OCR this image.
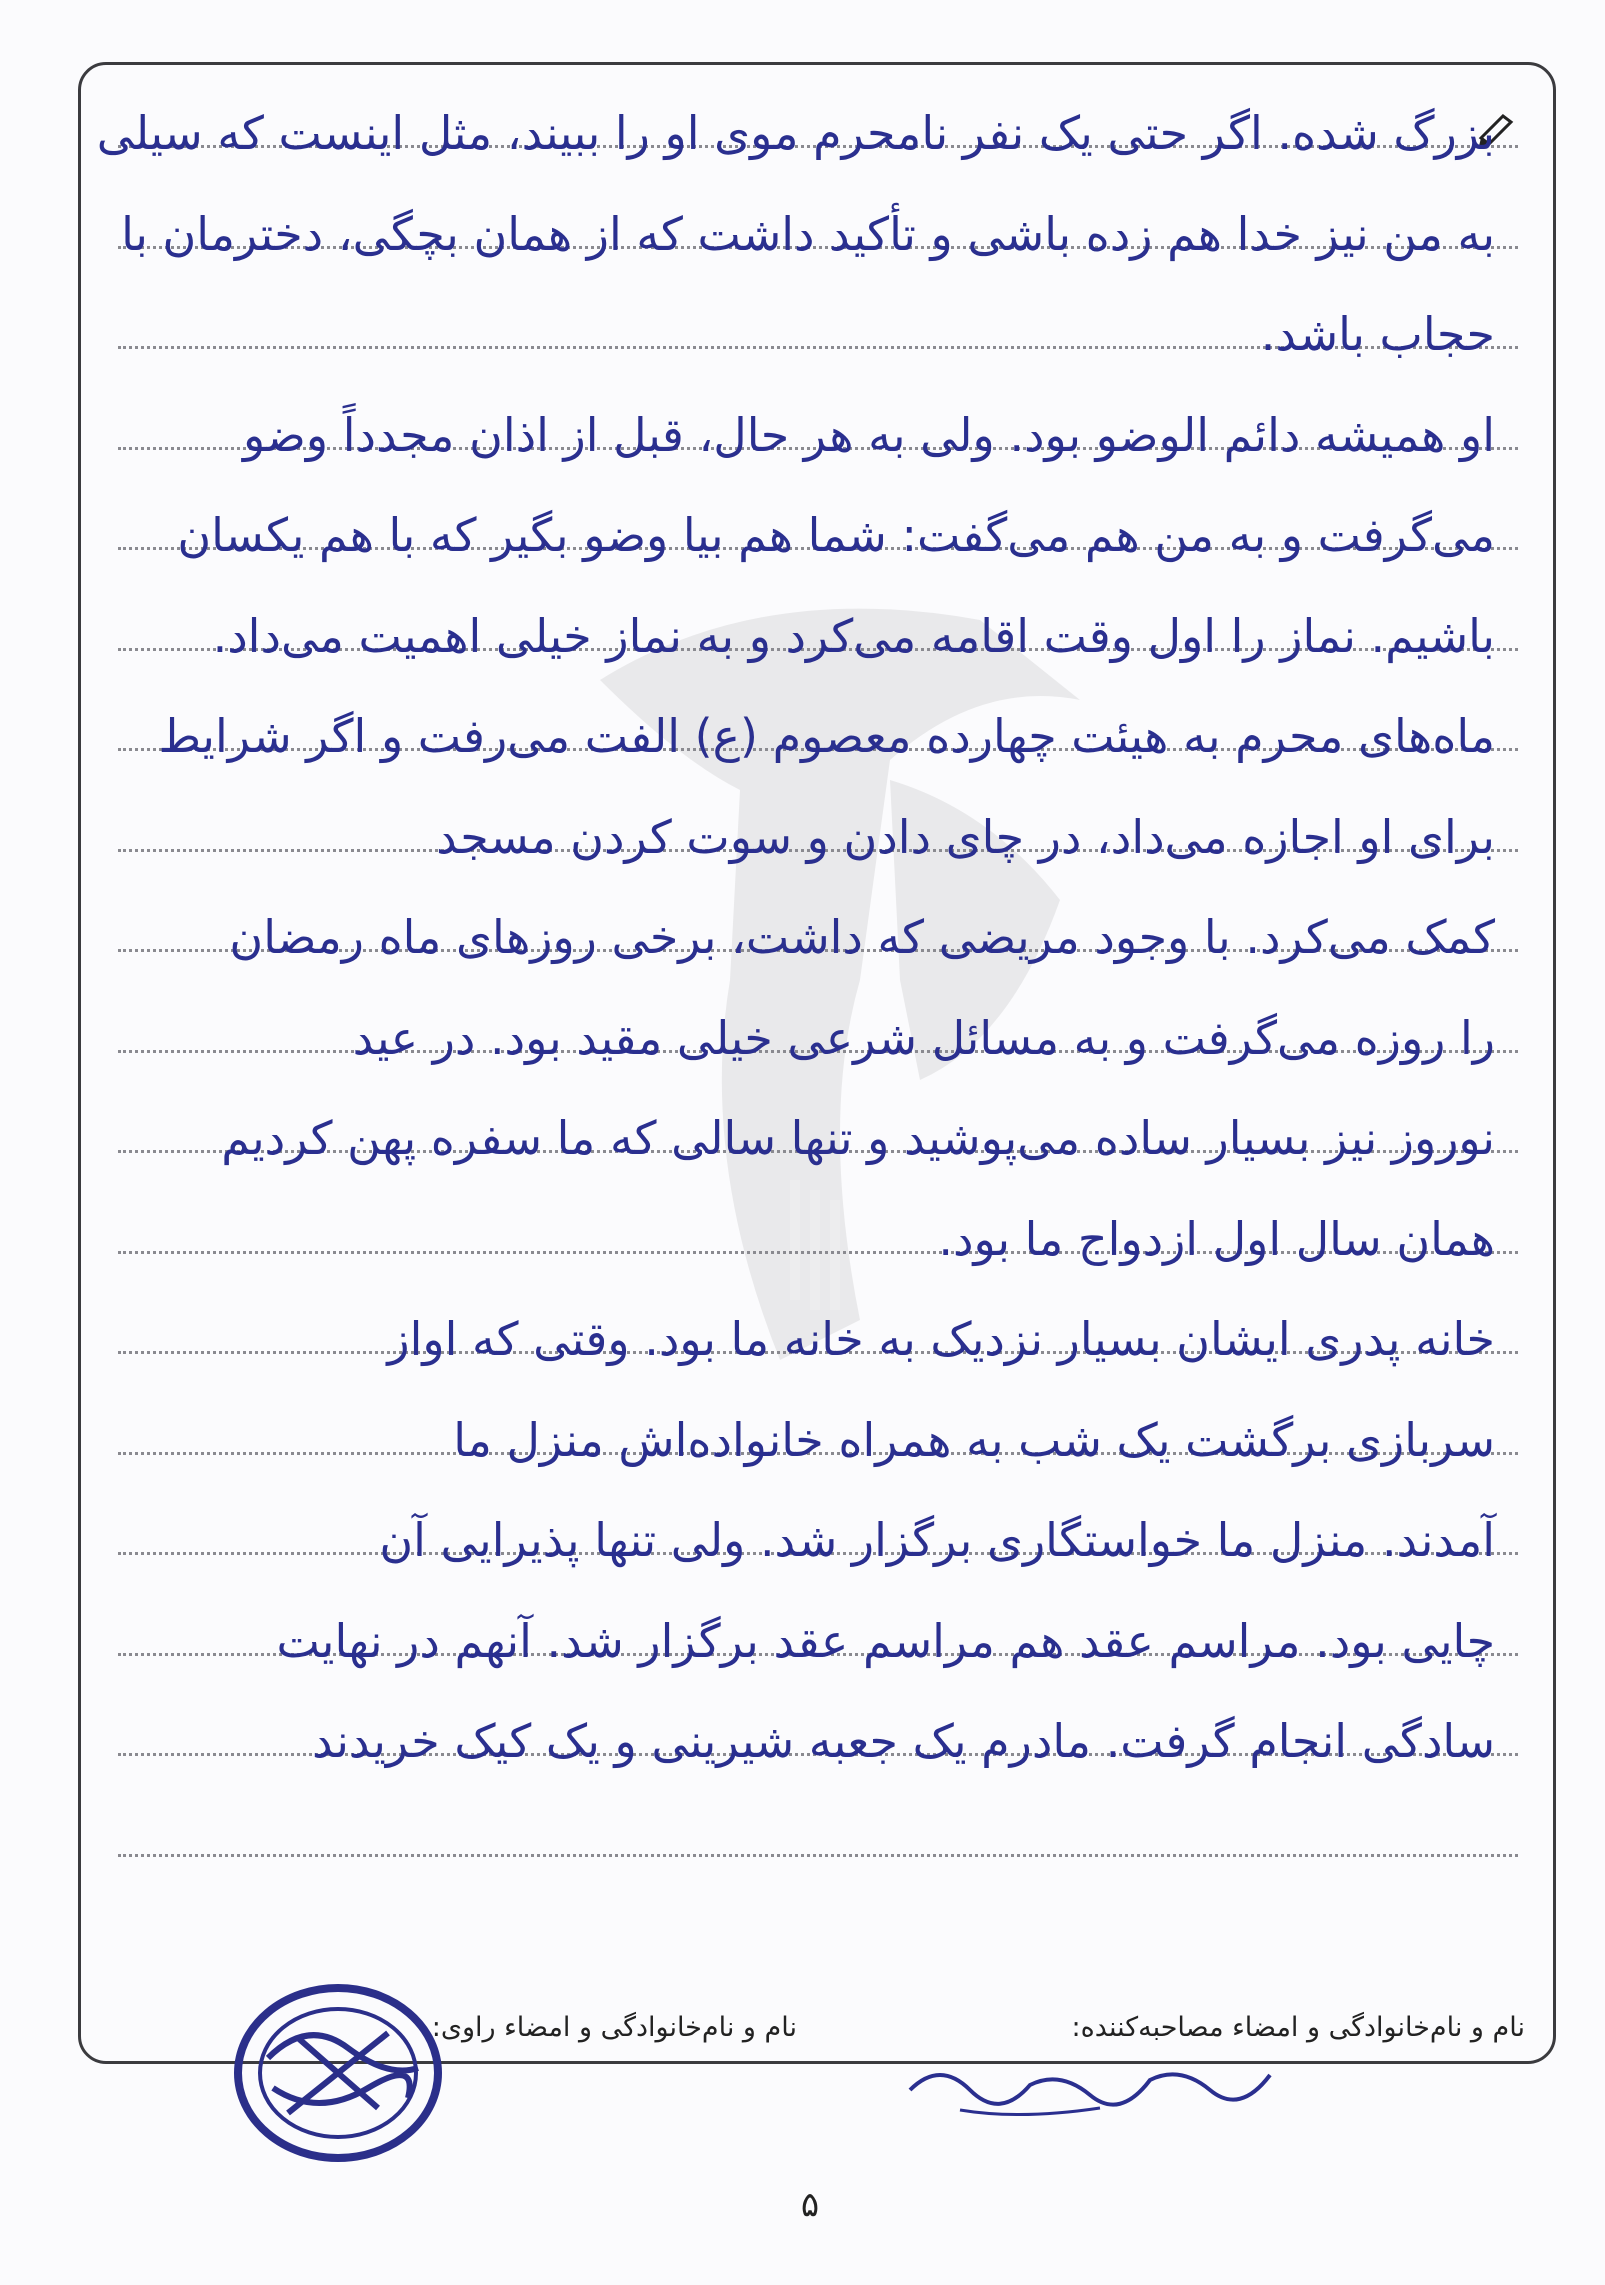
بزرگ شده. اگر حتی یک نفر نامحرم موی او را ببیند، مثل اینست که سیلی
به من نیز خدا هم زده باشی و تأکید داشت که از همان بچگی، دخترمان با
حجاب باشد.
او همیشه دائم الوضو بود. ولی به هر حال، قبل از اذان مجدداً وضو
می‌گرفت و به من هم می‌گفت: شما هم بیا وضو بگیر که با هم یکسان
باشیم. نماز را اول وقت اقامه می‌کرد و به نماز خیلی اهمیت می‌داد.
ماه‌های محرم به هیئت چهارده معصوم (ع) الفت می‌رفت و اگر شرایط
برای او اجازه می‌داد، در چای دادن و سوت کردن مسجد
کمک می‌کرد. با وجود مریضی که داشت، برخی روزهای ماه رمضان
را روزه می‌گرفت و به مسائل شرعی خیلی مقید بود. در عید
نوروز نیز بسیار ساده می‌پوشید و تنها سالی که ما سفره پهن کردیم
همان سال اول ازدواج ما بود.
خانه پدری ایشان بسیار نزدیک به خانه ما بود. وقتی که اواز
سربازی برگشت یک شب به همراه خانواده‌اش منزل ما
آمدند. منزل ما خواستگاری برگزار شد. ولی تنها پذیرایی آن
چایی بود. مراسم عقد هم مراسم عقد برگزار شد. آنهم در نهایت
سادگی انجام گرفت. مادرم یک جعبه شیرینی و یک کیک خریدند
نام و نام‌خانوادگی و امضاء مصاحبه‌کننده:
نام و نام‌خانوادگی و امضاء راوی:
۵
